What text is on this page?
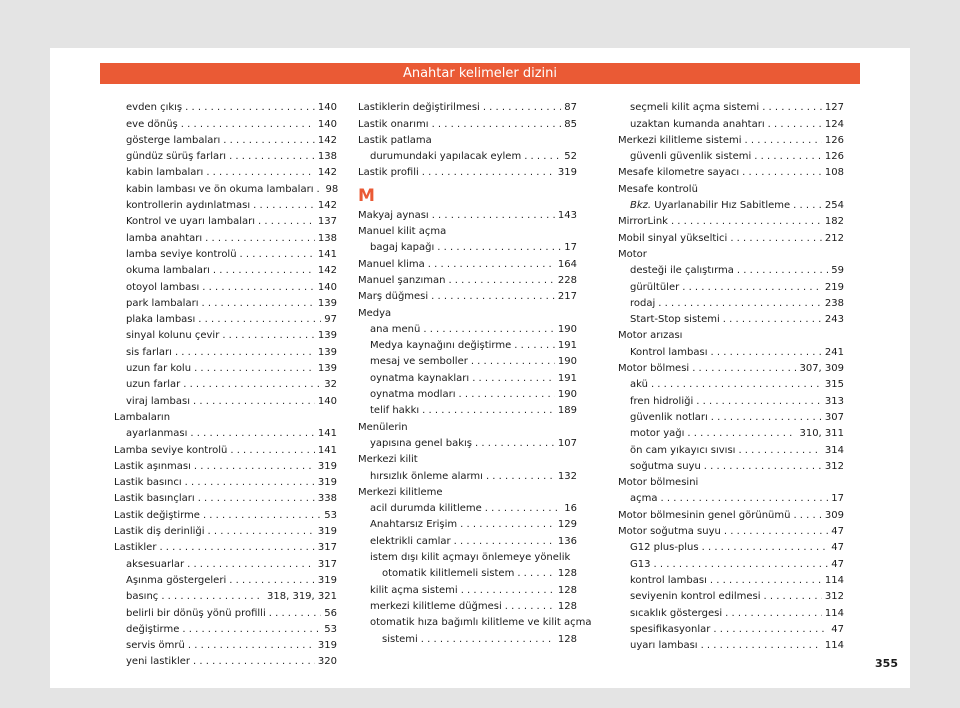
Anahtar kelimeler dizini
evden çıkış . . .	140
eve dönüş . . .	140
gösterge lambaları . . .	142
gündüz sürüş farları . . .	138
kabin lambaları . . .	142
kabin lambası ve ön okuma lambaları . . . 98
kontrollerin aydınlatması . . .	142
Kontrol ve uyarı lambaları . . .	137
lamba anahtarı . . .	138
lamba seviye kontrolü . . .	141
okuma lambaları . . .	142
otoyol lambası . . .	140
park lambaları . . .	139
plaka lambası . . .	97
sinyal kolunu çevir . . .	139
sis farları . . .	139
uzun far kolu . . .	139
uzun farlar . . .	32
viraj lambası . . .	140
Lambaların
ayarlanması . . .	141
Lamba seviye kontrolü . . .	141
Lastik aşınması . . .	319
Lastik basıncı . . .	319
Lastik basınçları . . .	338
Lastik değiştirme . . .	53
Lastik diş derinliği . . .	319
Lastikler . . .	317
aksesuarlar . . .	317
Aşınma göstergeleri . . .	319
basınç . . .	318, 319, 321
belirli bir dönüş yönü profilli . . .	56
değiştirme . . .	53
servis ömrü . . .	319
yeni lastikler . . .	320
Lastiklerin değiştirilmesi . . .	87
Lastik onarımı . . .	85
Lastik patlama
durumundaki yapılacak eylem . . .	52
Lastik profili . . .	319
M
Makyaj aynası . . .	143
Manuel kilit açma
bagaj kapağı . . .	17
Manuel klima . . .	164
Manuel şanzıman . . .	228
Marş düğmesi . . .	217
Medya
ana menü . . .	190
Medya kaynağını değiştirme . . .	191
mesaj ve semboller . . .	190
oynatma kaynakları . . .	191
oynatma modları . . .	190
telif hakkı . . .	189
Menülerin
yapısına genel bakış . . .	107
Merkezi kilit
hırsızlık önleme alarmı . . .	132
Merkezi kilitleme
acil durumda kilitleme . . .	16
Anahtarsız Erişim . . .	129
elektrikli camlar . . .	136
istem dışı kilit açmayı önlemeye yönelik
otomatik kilitlemeli sistem . . .	128
kilit açma sistemi . . .	128
merkezi kilitleme düğmesi . . .	128
otomatik hıza bağımlı kilitleme ve kilit açma
sistemi . . .	128
seçmeli kilit açma sistemi . . .	127
uzaktan kumanda anahtarı . . .	124
Merkezi kilitleme sistemi . . .	126
güvenli güvenlik sistemi . . .	126
Mesafe kilometre sayacı . . .	108
Mesafe kontrolü
Bkz. Uyarlanabilir Hız Sabitleme . . .	254
MirrorLink . . .	182
Mobil sinyal yükseltici . . .	212
Motor
desteği ile çalıştırma . . .	59
gürültüler . . .	219
rodaj . . .	238
Start-Stop sistemi . . .	243
Motor arızası
Kontrol lambası . . .	241
Motor bölmesi . . .	307, 309
akü . . .	315
fren hidroliği . . .	313
güvenlik notları . . .	307
motor yağı . . .	310, 311
ön cam yıkayıcı sıvısı . . .	314
soğutma suyu . . .	312
Motor bölmesini
açma . . .	17
Motor bölmesinin genel görünümü . . .	309
Motor soğutma suyu . . .	47
G12 plus-plus . . .	47
G13 . . .	47
kontrol lambası . . .	114
seviyenin kontrol edilmesi . . .	312
sıcaklık göstergesi . . .	114
spesifikasyonlar . . .	47
uyarı lambası . . .	114
355
